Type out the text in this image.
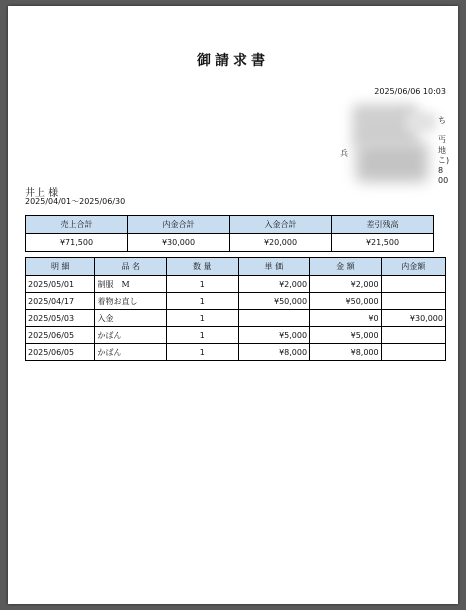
御請求書
2025/06/06 10:03
ち
丐
地
こ)
8
00
兵
井上 様
2025/04/01～2025/06/30
売上合計	内金合計	入金合計	差引残高
¥71,500	¥30,000	¥20,000	¥21,500
明 細	品 名	数 量	単 価	金 額	内金額
2025/05/01	制服　M	1	¥2,000	¥2,000	
2025/04/17	着物お直し	1	¥50,000	¥50,000	
2025/05/03	入金	1		¥0	¥30,000
2025/06/05	かばん	1	¥5,000	¥5,000	
2025/06/05	かばん	1	¥8,000	¥8,000	
